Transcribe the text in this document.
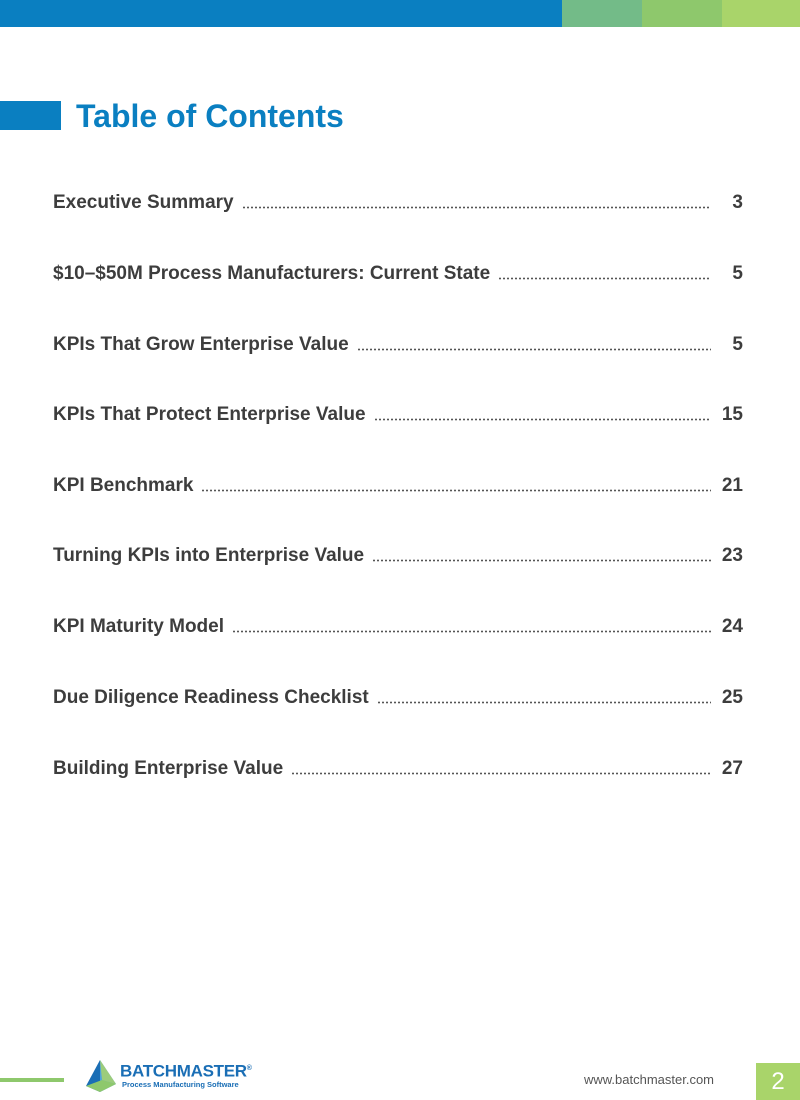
Table of Contents
Executive Summary	3
$10–$50M Process Manufacturers: Current State	5
KPIs That Grow Enterprise Value	5
KPIs That Protect Enterprise Value	15
KPI Benchmark	21
Turning KPIs into Enterprise Value	23
KPI Maturity Model	24
Due Diligence Readiness Checklist	25
Building Enterprise Value	27
BATCHMASTER®
Process Manufacturing Software	www.batchmaster.com	2
